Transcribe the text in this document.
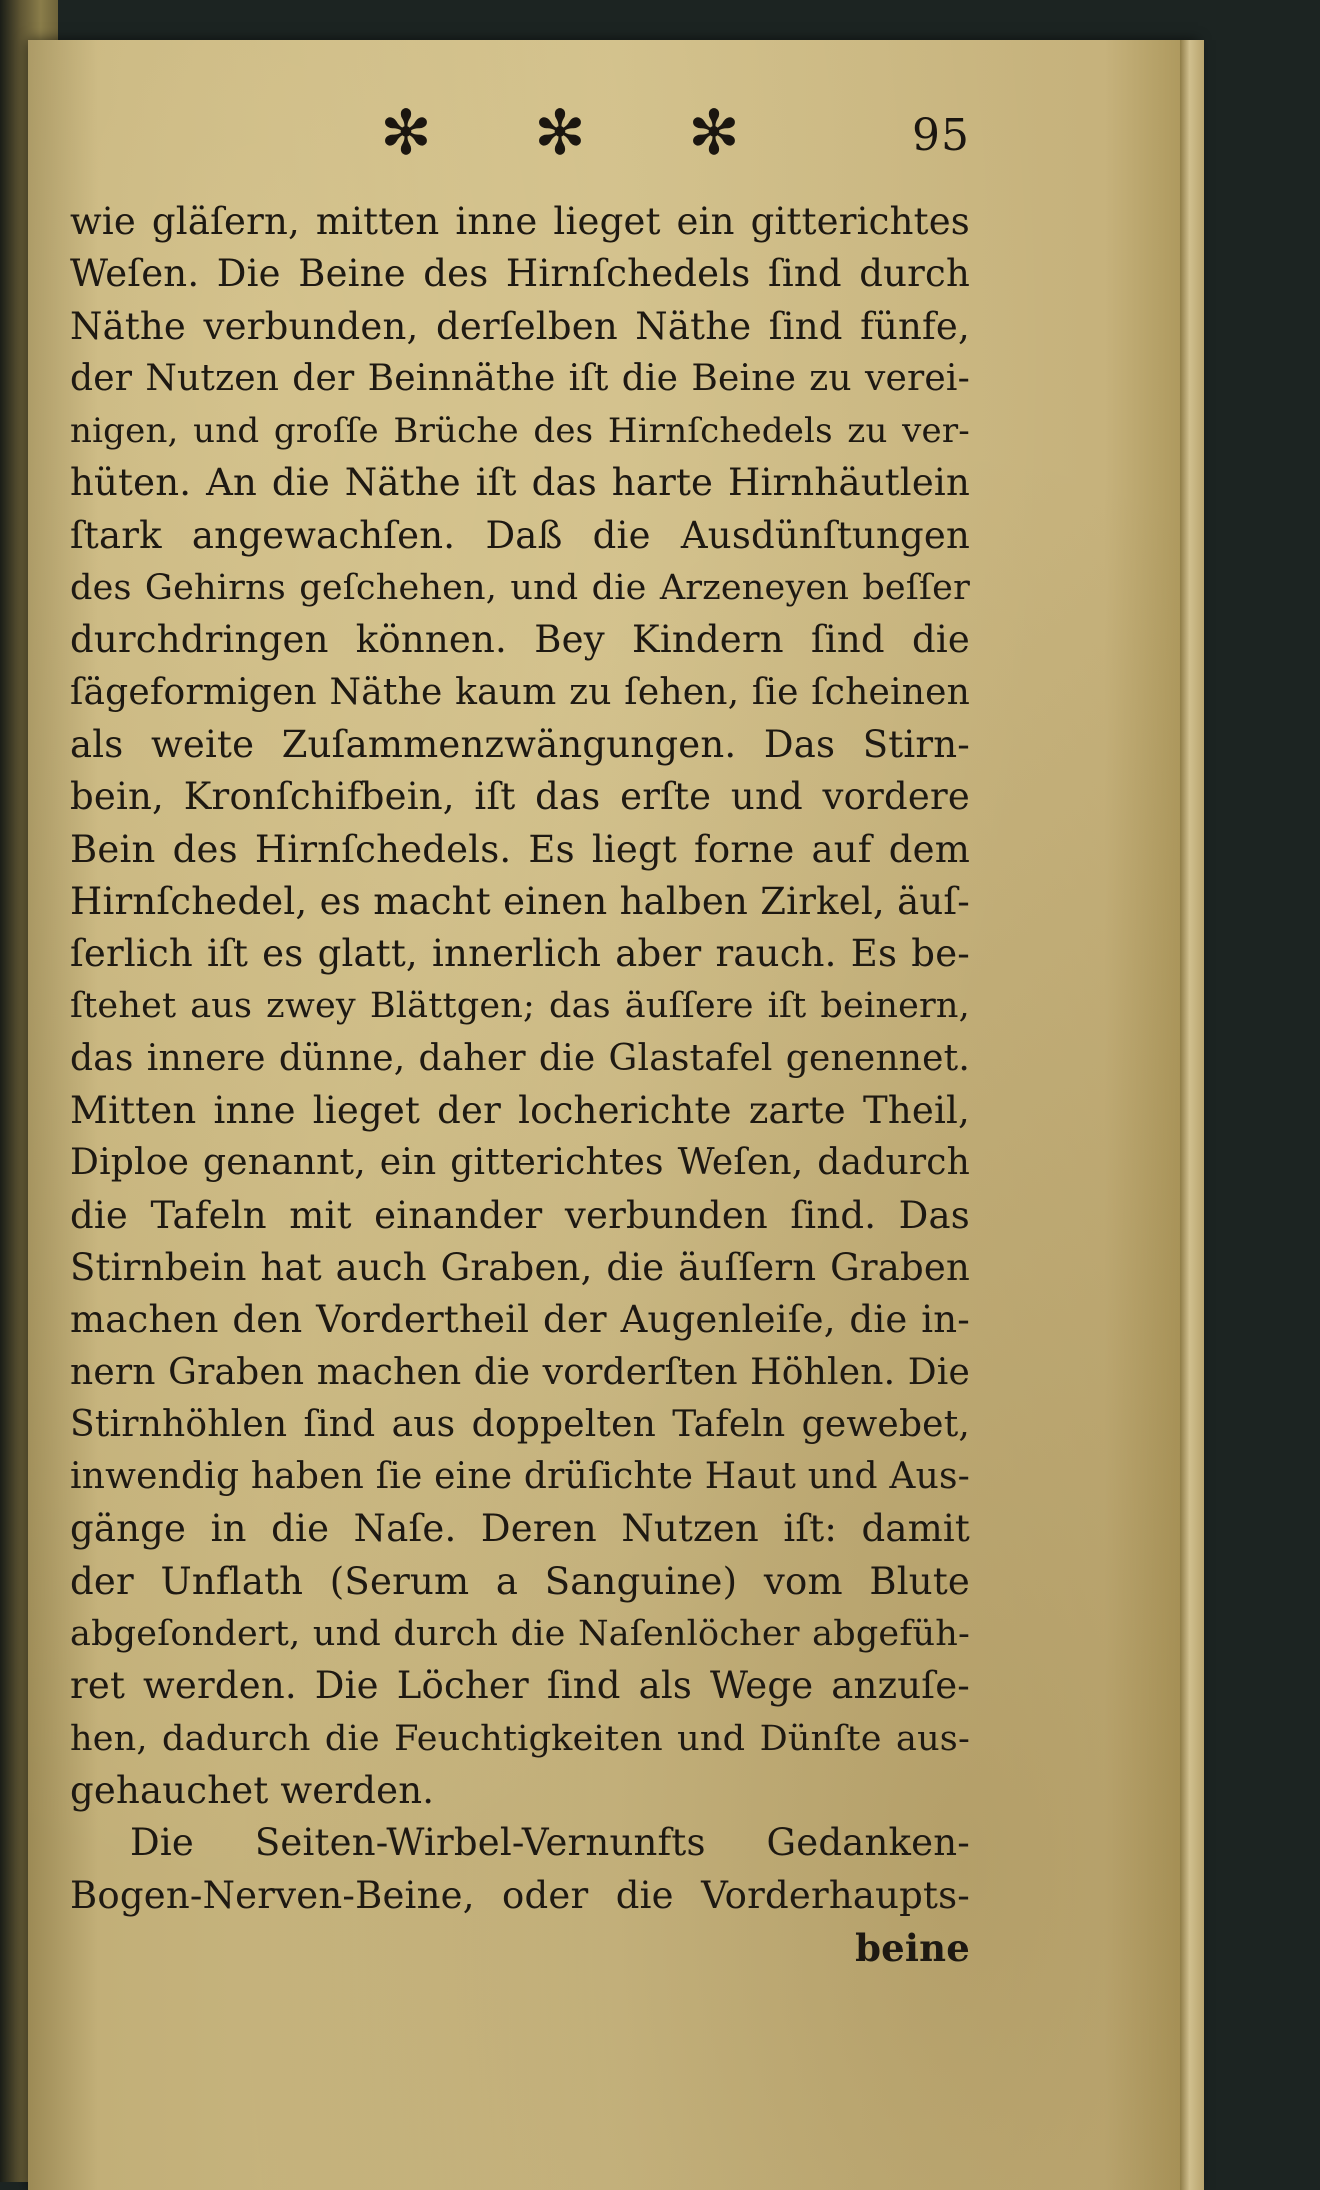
✻ ✻ ✻	95
wie gläſern, mitten inne lieget ein gitterichtes
Weſen. Die Beine des Hirnſchedels ſind durch
Näthe verbunden, derſelben Näthe ſind fünfe,
der Nutzen der Beinnäthe iſt die Beine zu verei-
nigen, und groſſe Brüche des Hirnſchedels zu ver-
hüten. An die Näthe iſt das harte Hirnhäutlein
ſtark angewachſen. Daß die Ausdünſtungen
des Gehirns geſchehen, und die Arzeneyen beſſer
durchdringen können. Bey Kindern ſind die
ſägeformigen Näthe kaum zu ſehen, ſie ſcheinen
als weite Zuſammenzwängungen. Das Stirn-
bein, Kronſchifbein, iſt das erſte und vordere
Bein des Hirnſchedels. Es liegt forne auf dem
Hirnſchedel, es macht einen halben Zirkel, äuſ-
ſerlich iſt es glatt, innerlich aber rauch. Es be-
ſtehet aus zwey Blättgen; das äuſſere iſt beinern,
das innere dünne, daher die Glastafel genennet.
Mitten inne lieget der locherichte zarte Theil,
Diploe genannt, ein gitterichtes Weſen, dadurch
die Tafeln mit einander verbunden ſind. Das
Stirnbein hat auch Graben, die äuſſern Graben
machen den Vordertheil der Augenleiſe, die in-
nern Graben machen die vorderſten Höhlen. Die
Stirnhöhlen ſind aus doppelten Tafeln gewebet,
inwendig haben ſie eine drüſichte Haut und Aus-
gänge in die Naſe. Deren Nutzen iſt: damit
der Unflath (Serum a Sanguine) vom Blute
abgeſondert, und durch die Naſenlöcher abgefüh-
ret werden. Die Löcher ſind als Wege anzuſe-
hen, dadurch die Feuchtigkeiten und Dünſte aus-
gehauchet werden.
Die Seiten-Wirbel-Vernunfts Gedanken-
Bogen-Nerven-Beine, oder die Vorderhaupts-
beine
